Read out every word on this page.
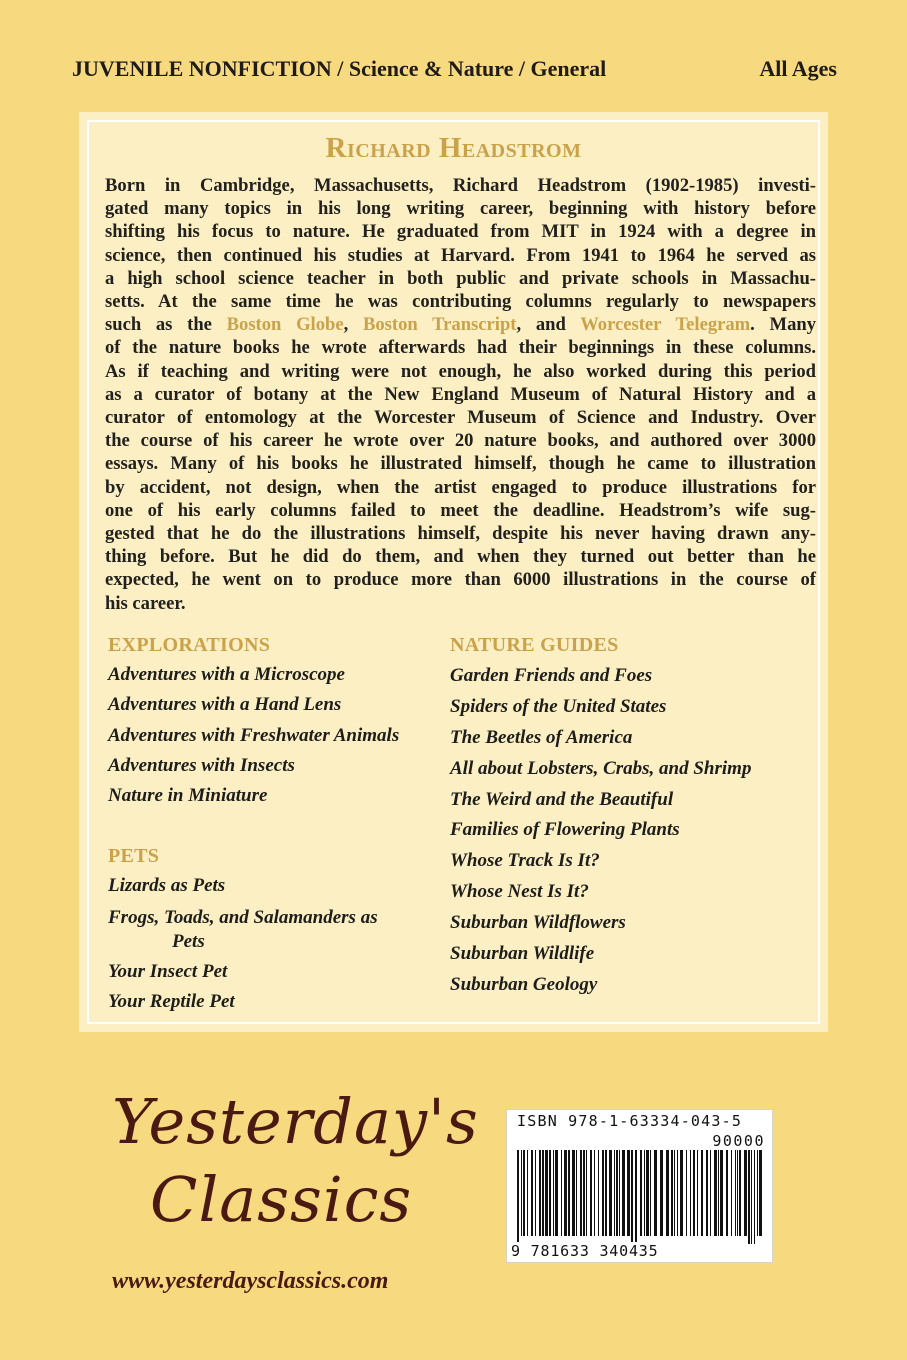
JUVENILE NONFICTION / Science & Nature / General	All Ages
Richard Headstrom
Born in Cambridge, Massachusetts, Richard Headstrom (1902-1985) investi-
gated many topics in his long writing career, beginning with history before
shifting his focus to nature. He graduated from MIT in 1924 with a degree in
science, then continued his studies at Harvard. From 1941 to 1964 he served as
a high school science teacher in both public and private schools in Massachu-
setts. At the same time he was contributing columns regularly to newspapers
such as the Boston Globe, Boston Transcript, and Worcester Telegram. Many
of the nature books he wrote afterwards had their beginnings in these columns.
As if teaching and writing were not enough, he also worked during this period
as a curator of botany at the New England Museum of Natural History and a
curator of entomology at the Worcester Museum of Science and Industry. Over
the course of his career he wrote over 20 nature books, and authored over 3000
essays. Many of his books he illustrated himself, though he came to illustration
by accident, not design, when the artist engaged to produce illustrations for
one of his early columns failed to meet the deadline. Headstrom’s wife sug-
gested that he do the illustrations himself, despite his never having drawn any-
thing before. But he did do them, and when they turned out better than he
expected, he went on to produce more than 6000 illustrations in the course of
his career.
EXPLORATIONS
Adventures with a Microscope
Adventures with a Hand Lens
Adventures with Freshwater Animals
Adventures with Insects
Nature in Miniature
PETS
Lizards as Pets
Frogs, Toads, and Salamanders as
Pets
Your Insect Pet
Your Reptile Pet
NATURE GUIDES
Garden Friends and Foes
Spiders of the United States
The Beetles of America
All about Lobsters, Crabs, and Shrimp
The Weird and the Beautiful
Families of Flowering Plants
Whose Track Is It?
Whose Nest Is It?
Suburban Wildflowers
Suburban Wildlife
Suburban Geology
Yesterday's
Classics
www.yesterdaysclassics.com
ISBN 978-1-63334-043-5
90000
9 781633 340435
